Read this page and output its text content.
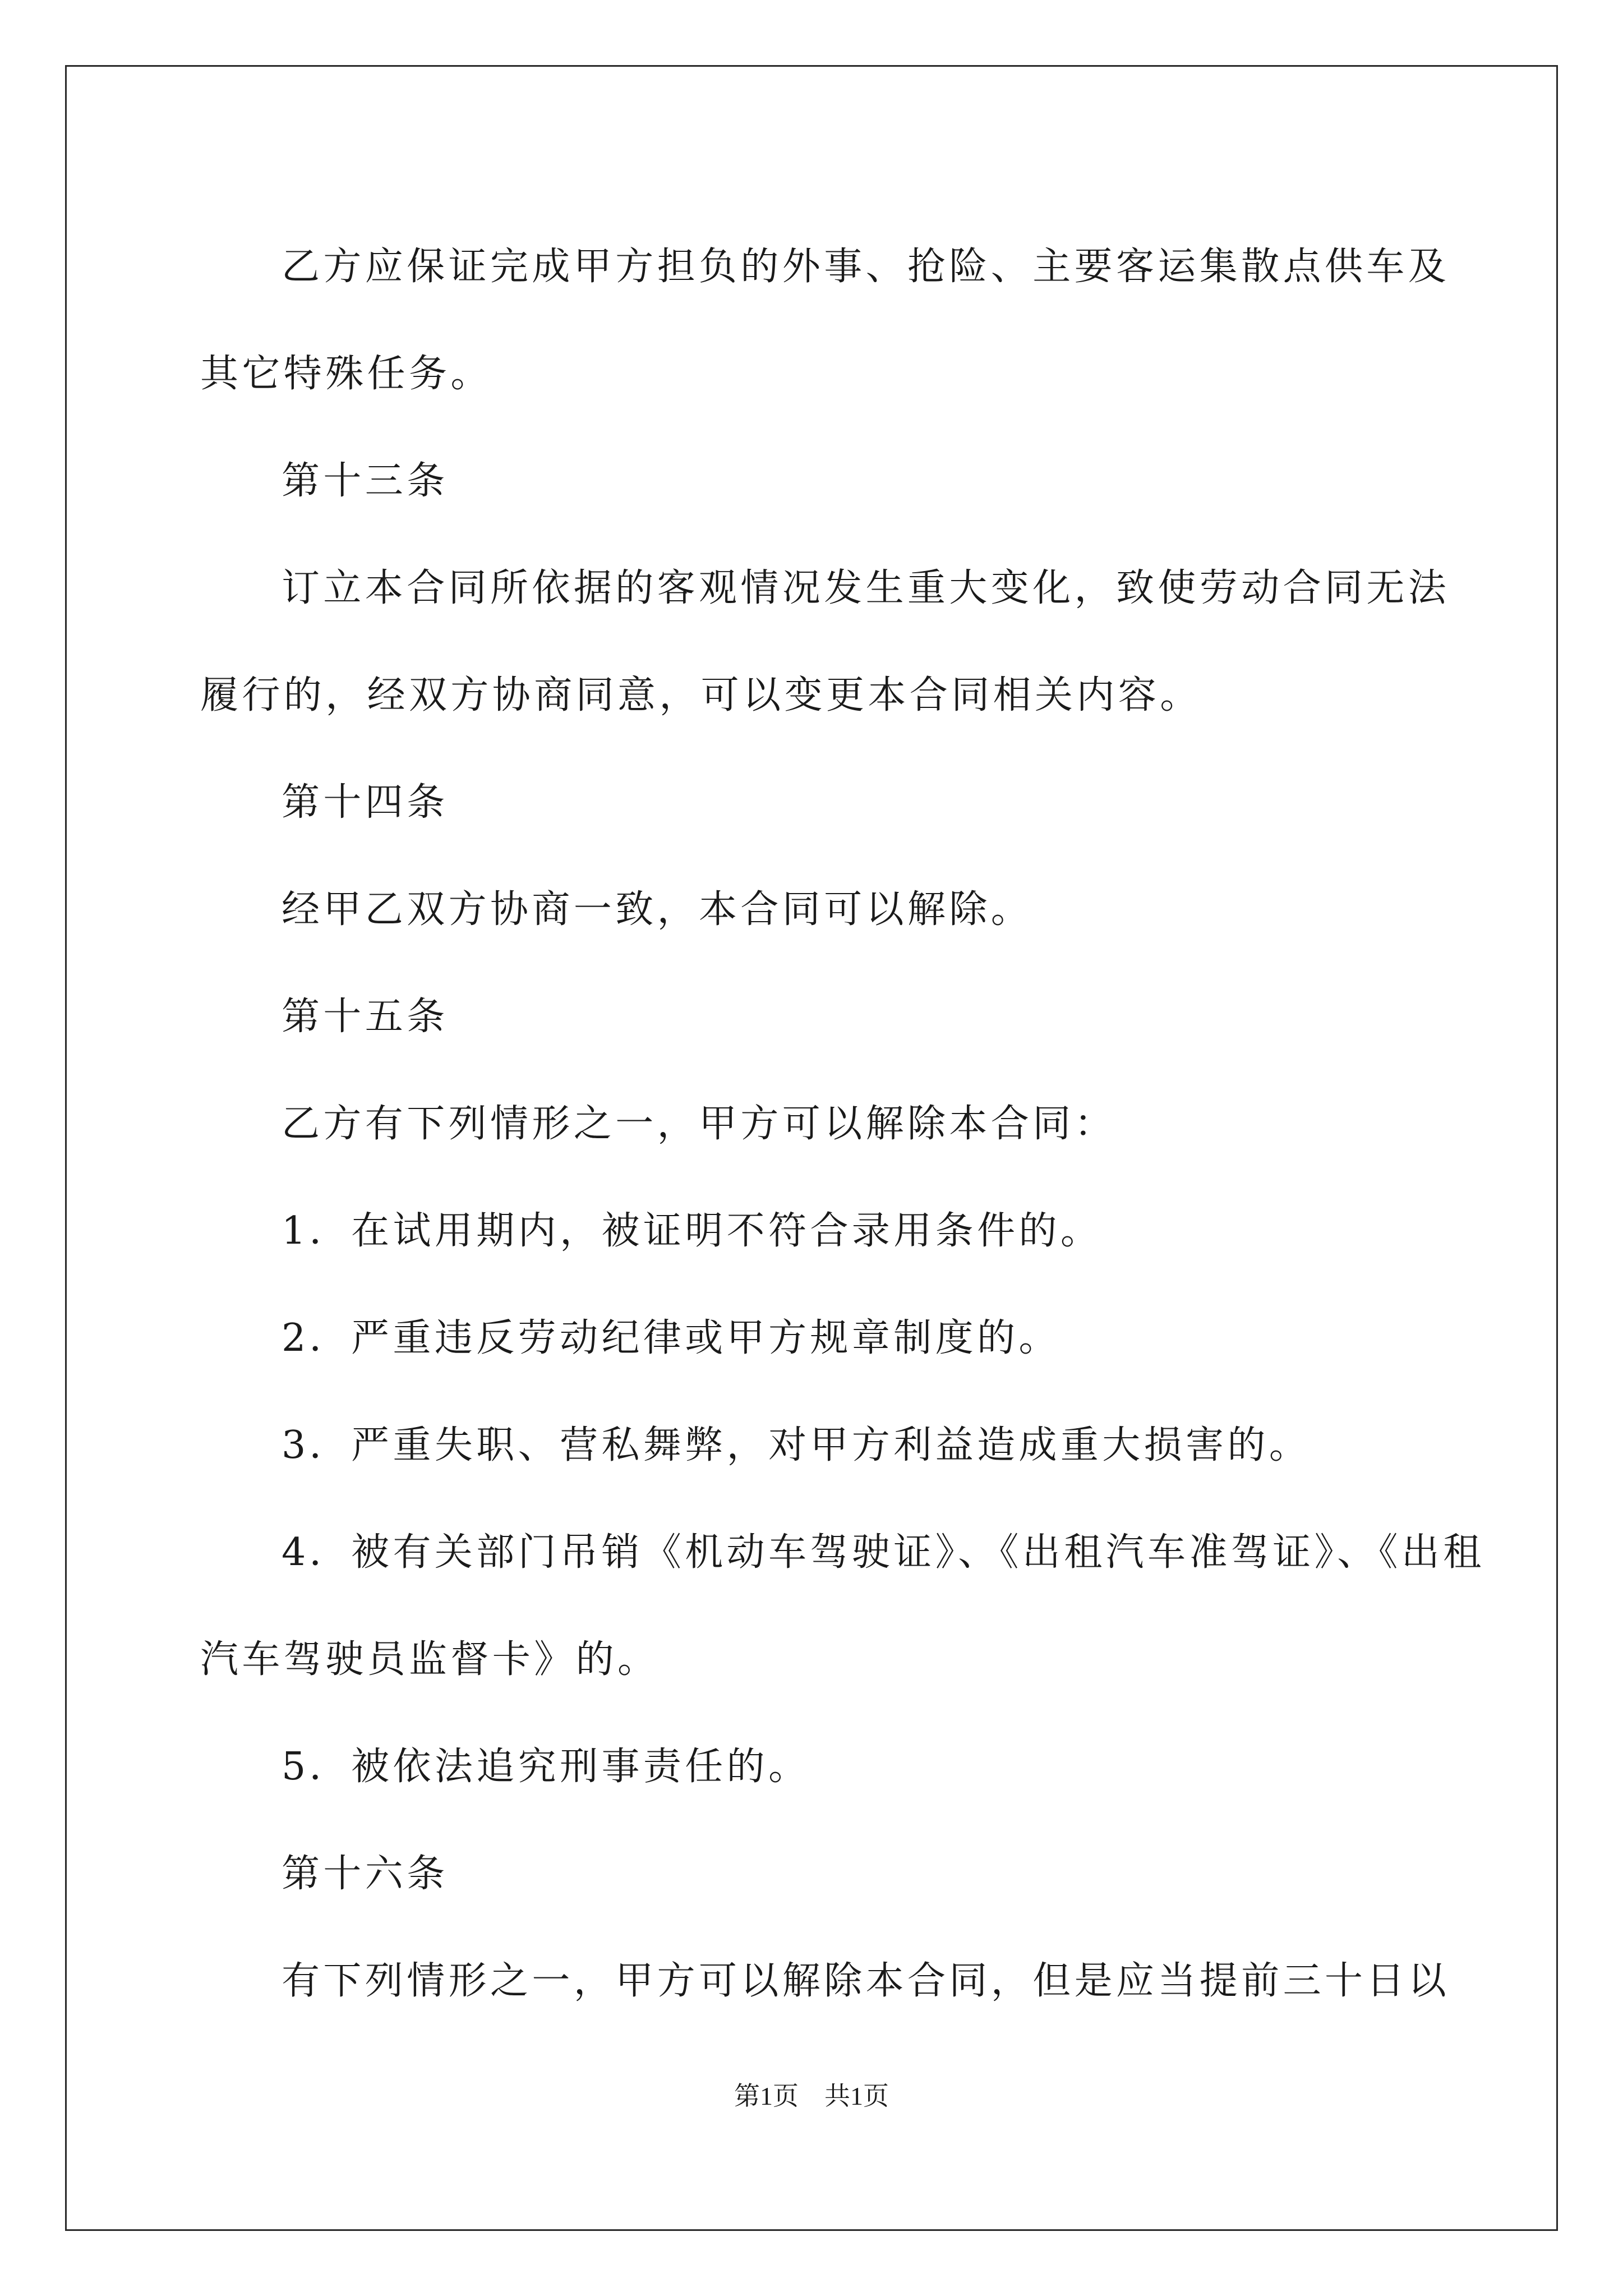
乙方应保证完成甲方担负的外事、抢险、主要客运集散点供车及

其它特殊任务。

第十三条

订立本合同所依据的客观情况发生重大变化，致使劳动合同无法

履行的，经双方协商同意，可以变更本合同相关内容。

第十四条

经甲乙双方协商一致，本合同可以解除。

第十五条

乙方有下列情形之一，甲方可以解除本合同：

1．在试用期内，被证明不符合录用条件的。

2．严重违反劳动纪律或甲方规章制度的。

3．严重失职、营私舞弊，对甲方利益造成重大损害的。

4．被有关部门吊销《机动车驾驶证》、《出租汽车准驾证》、《出租

汽车驾驶员监督卡》的。

5．被依法追究刑事责任的。

第十六条

有下列情形之一，甲方可以解除本合同，但是应当提前三十日以

第1页　共1页
